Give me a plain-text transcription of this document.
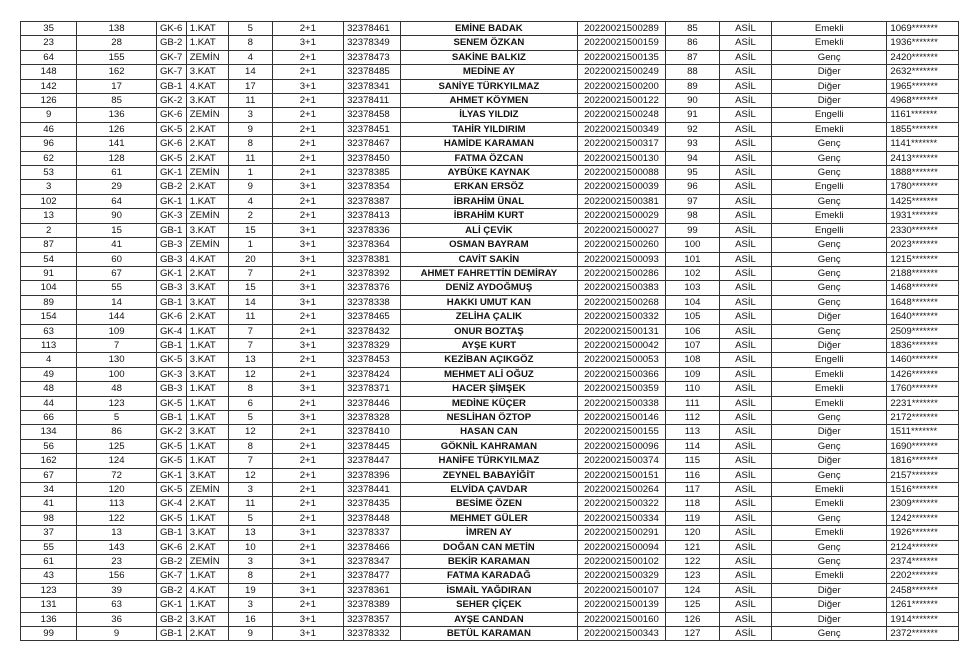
35	138	GK-6	1.KAT	5	2+1	32378461	EMİNE BADAK	20220021500289	85	ASİL	Emekli	1069*******
23	28	GB-2	1.KAT	8	3+1	32378349	SENEM ÖZKAN	20220021500159	86	ASİL	Emekli	1936*******
64	155	GK-7	ZEMİN	4	2+1	32378473	SAKİNE BALKIZ	20220021500135	87	ASİL	Genç	2420*******
148	162	GK-7	3.KAT	14	2+1	32378485	MEDİNE AY	20220021500249	88	ASİL	Diğer	2632*******
142	17	GB-1	4.KAT	17	3+1	32378341	SANİYE TÜRKYILMAZ	20220021500200	89	ASİL	Diğer	1965*******
126	85	GK-2	3.KAT	11	2+1	32378411	AHMET KÖYMEN	20220021500122	90	ASİL	Diğer	4968*******
9	136	GK-6	ZEMİN	3	2+1	32378458	İLYAS YILDIZ	20220021500248	91	ASİL	Engelli	1161*******
46	126	GK-5	2.KAT	9	2+1	32378451	TAHİR YILDIRIM	20220021500349	92	ASİL	Emekli	1855*******
96	141	GK-6	2.KAT	8	2+1	32378467	HAMİDE KARAMAN	20220021500317	93	ASİL	Genç	1141*******
62	128	GK-5	2.KAT	11	2+1	32378450	FATMA ÖZCAN	20220021500130	94	ASİL	Genç	2413*******
53	61	GK-1	ZEMİN	1	2+1	32378385	AYBÜKE KAYNAK	20220021500088	95	ASİL	Genç	1888*******
3	29	GB-2	2.KAT	9	3+1	32378354	ERKAN ERSÖZ	20220021500039	96	ASİL	Engelli	1780*******
102	64	GK-1	1.KAT	4	2+1	32378387	İBRAHİM ÜNAL	20220021500381	97	ASİL	Genç	1425*******
13	90	GK-3	ZEMİN	2	2+1	32378413	İBRAHİM KURT	20220021500029	98	ASİL	Emekli	1931*******
2	15	GB-1	3.KAT	15	3+1	32378336	ALİ ÇEVİK	20220021500027	99	ASİL	Engelli	2330*******
87	41	GB-3	ZEMİN	1	3+1	32378364	OSMAN BAYRAM	20220021500260	100	ASİL	Genç	2023*******
54	60	GB-3	4.KAT	20	3+1	32378381	CAVİT SAKİN	20220021500093	101	ASİL	Genç	1215*******
91	67	GK-1	2.KAT	7	2+1	32378392	AHMET FAHRETTİN DEMİRAY	20220021500286	102	ASİL	Genç	2188*******
104	55	GB-3	3.KAT	15	3+1	32378376	DENİZ AYDOĞMUŞ	20220021500383	103	ASİL	Genç	1468*******
89	14	GB-1	3.KAT	14	3+1	32378338	HAKKI UMUT KAN	20220021500268	104	ASİL	Genç	1648*******
154	144	GK-6	2.KAT	11	2+1	32378465	ZELİHA ÇALIK	20220021500332	105	ASİL	Diğer	1640*******
63	109	GK-4	1.KAT	7	2+1	32378432	ONUR BOZTAŞ	20220021500131	106	ASİL	Genç	2509*******
113	7	GB-1	1.KAT	7	3+1	32378329	AYŞE KURT	20220021500042	107	ASİL	Diğer	1836*******
4	130	GK-5	3.KAT	13	2+1	32378453	KEZİBAN AÇIKGÖZ	20220021500053	108	ASİL	Engelli	1460*******
49	100	GK-3	3.KAT	12	2+1	32378424	MEHMET ALİ OĞUZ	20220021500366	109	ASİL	Emekli	1426*******
48	48	GB-3	1.KAT	8	3+1	32378371	HACER ŞİMŞEK	20220021500359	110	ASİL	Emekli	1760*******
44	123	GK-5	1.KAT	6	2+1	32378446	MEDİNE KÜÇER	20220021500338	111	ASİL	Emekli	2231*******
66	5	GB-1	1.KAT	5	3+1	32378328	NESLİHAN ÖZTOP	20220021500146	112	ASİL	Genç	2172*******
134	86	GK-2	3.KAT	12	2+1	32378410	HASAN CAN	20220021500155	113	ASİL	Diğer	1511*******
56	125	GK-5	1.KAT	8	2+1	32378445	GÖKNİL KAHRAMAN	20220021500096	114	ASİL	Genç	1690*******
162	124	GK-5	1.KAT	7	2+1	32378447	HANİFE TÜRKYILMAZ	20220021500374	115	ASİL	Diğer	1816*******
67	72	GK-1	3.KAT	12	2+1	32378396	ZEYNEL BABAYİĞİT	20220021500151	116	ASİL	Genç	2157*******
34	120	GK-5	ZEMİN	3	2+1	32378441	ELVİDA ÇAVDAR	20220021500264	117	ASİL	Emekli	1516*******
41	113	GK-4	2.KAT	11	2+1	32378435	BESİME ÖZEN	20220021500322	118	ASİL	Emekli	2309*******
98	122	GK-5	1.KAT	5	2+1	32378448	MEHMET GÜLER	20220021500334	119	ASİL	Genç	1242*******
37	13	GB-1	3.KAT	13	3+1	32378337	İMREN AY	20220021500291	120	ASİL	Emekli	1926*******
55	143	GK-6	2.KAT	10	2+1	32378466	DOĞAN CAN METİN	20220021500094	121	ASİL	Genç	2124*******
61	23	GB-2	ZEMİN	3	3+1	32378347	BEKİR KARAMAN	20220021500102	122	ASİL	Genç	2374*******
43	156	GK-7	1.KAT	8	2+1	32378477	FATMA KARADAĞ	20220021500329	123	ASİL	Emekli	2202*******
123	39	GB-2	4.KAT	19	3+1	32378361	İSMAİL YAĞDIRAN	20220021500107	124	ASİL	Diğer	2458*******
131	63	GK-1	1.KAT	3	2+1	32378389	SEHER ÇİÇEK	20220021500139	125	ASİL	Diğer	1261*******
136	36	GB-2	3.KAT	16	3+1	32378357	AYŞE CANDAN	20220021500160	126	ASİL	Diğer	1914*******
99	9	GB-1	2.KAT	9	3+1	32378332	BETÜL KARAMAN	20220021500343	127	ASİL	Genç	2372*******
